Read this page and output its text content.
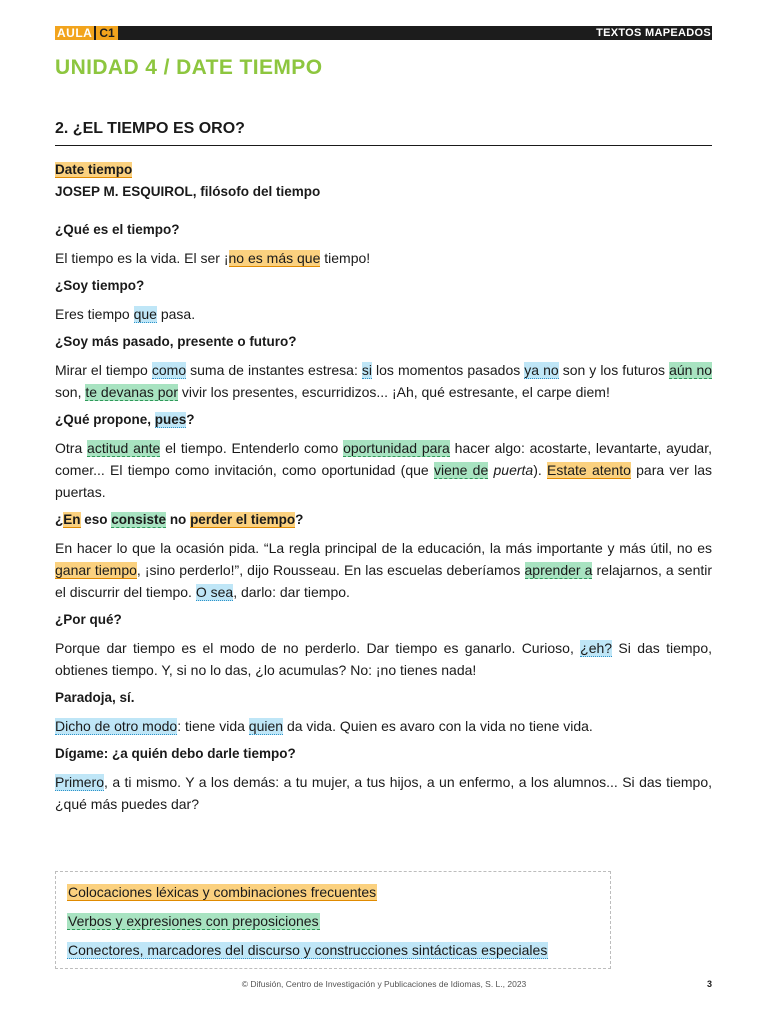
AULA C1	TEXTOS MAPEADOS
UNIDAD 4 / DATE TIEMPO
2. ¿EL TIEMPO ES ORO?

Date tiempo

JOSEP M. ESQUIROL, filósofo del tiempo

¿Qué es el tiempo?

El tiempo es la vida. El ser ¡no es más que tiempo!

¿Soy tiempo?

Eres tiempo que pasa.

¿Soy más pasado, presente o futuro?

Mirar el tiempo como suma de instantes estresa: si los momentos pasados ya no son y los futuros aún no son, te devanas por vivir los presentes, escurridizos... ¡Ah, qué estresante, el carpe diem!

¿Qué propone, pues?

Otra actitud ante el tiempo. Entenderlo como oportunidad para hacer algo: acostarte, levantarte, ayudar, comer... El tiempo como invitación, como oportunidad (que viene de puerta). Estate atento para ver las puertas.

¿En eso consiste no perder el tiempo?

En hacer lo que la ocasión pida. “La regla principal de la educación, la más importante y más útil, no es ganar tiempo, ¡sino perderlo!”, dijo Rousseau. En las escuelas deberíamos aprender a relajarnos, a sentir el discurrir del tiempo. O sea, darlo: dar tiempo.

¿Por qué?

Porque dar tiempo es el modo de no perderlo. Dar tiempo es ganarlo. Curioso, ¿eh? Si das tiempo, obtienes tiempo. Y, si no lo das, ¿lo acumulas? No: ¡no tienes nada!

Paradoja, sí.

Dicho de otro modo: tiene vida quien da vida. Quien es avaro con la vida no tiene vida.

Dígame: ¿a quién debo darle tiempo?

Primero, a ti mismo. Y a los demás: a tu mujer, a tus hijos, a un enfermo, a los alumnos... Si das tiempo, ¿qué más puedes dar?

Colocaciones léxicas y combinaciones frecuentes
Verbos y expresiones con preposiciones
Conectores, marcadores del discurso y construcciones sintácticas especiales
© Difusión, Centro de Investigación y Publicaciones de Idiomas, S. L., 2023	3
